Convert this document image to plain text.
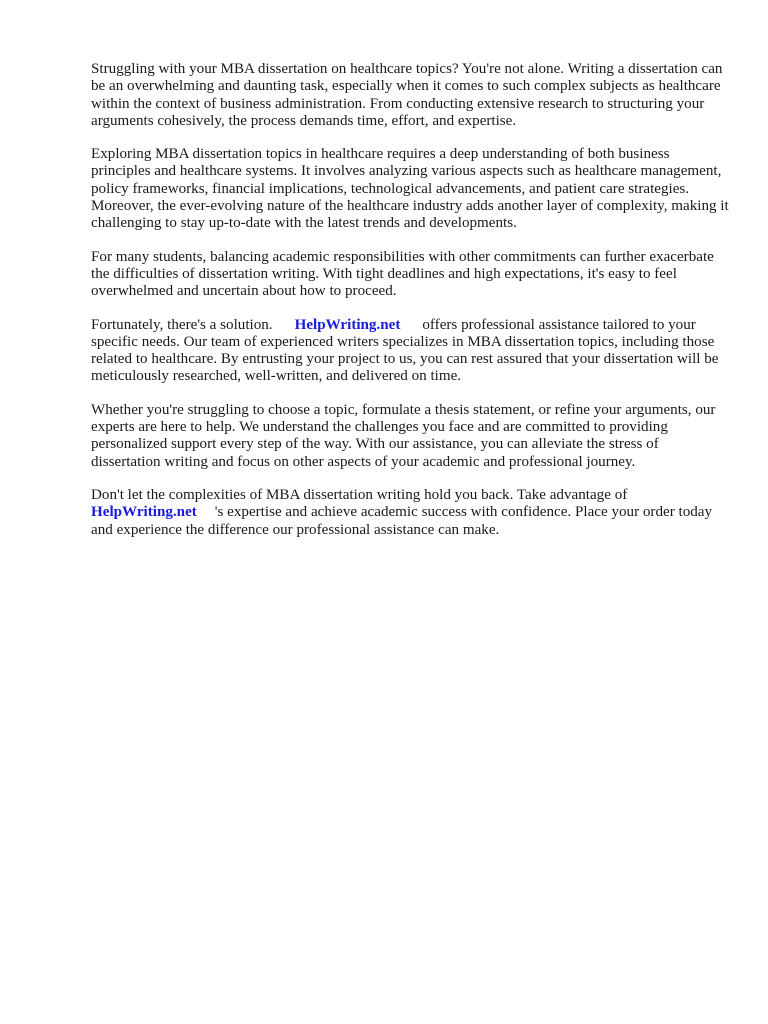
Struggling with your MBA dissertation on healthcare topics? You're not alone. Writing a dissertation can be an overwhelming and daunting task, especially when it comes to such complex subjects as healthcare within the context of business administration. From conducting extensive research to structuring your arguments cohesively, the process demands time, effort, and expertise.

Exploring MBA dissertation topics in healthcare requires a deep understanding of both business principles and healthcare systems. It involves analyzing various aspects such as healthcare management, policy frameworks, financial implications, technological advancements, and patient care strategies. Moreover, the ever-evolving nature of the healthcare industry adds another layer of complexity, making it challenging to stay up-to-date with the latest trends and developments.

For many students, balancing academic responsibilities with other commitments can further exacerbate the difficulties of dissertation writing. With tight deadlines and high expectations, it's easy to feel overwhelmed and uncertain about how to proceed.

Fortunately, there's a solution. HelpWriting.net offers professional assistance tailored to your specific needs. Our team of experienced writers specializes in MBA dissertation topics, including those related to healthcare. By entrusting your project to us, you can rest assured that your dissertation will be meticulously researched, well-written, and delivered on time.

Whether you're struggling to choose a topic, formulate a thesis statement, or refine your arguments, our experts are here to help. We understand the challenges you face and are committed to providing personalized support every step of the way. With our assistance, you can alleviate the stress of dissertation writing and focus on other aspects of your academic and professional journey.

Don't let the complexities of MBA dissertation writing hold you back. Take advantage of HelpWriting.net 's expertise and achieve academic success with confidence. Place your order today and experience the difference our professional assistance can make.
